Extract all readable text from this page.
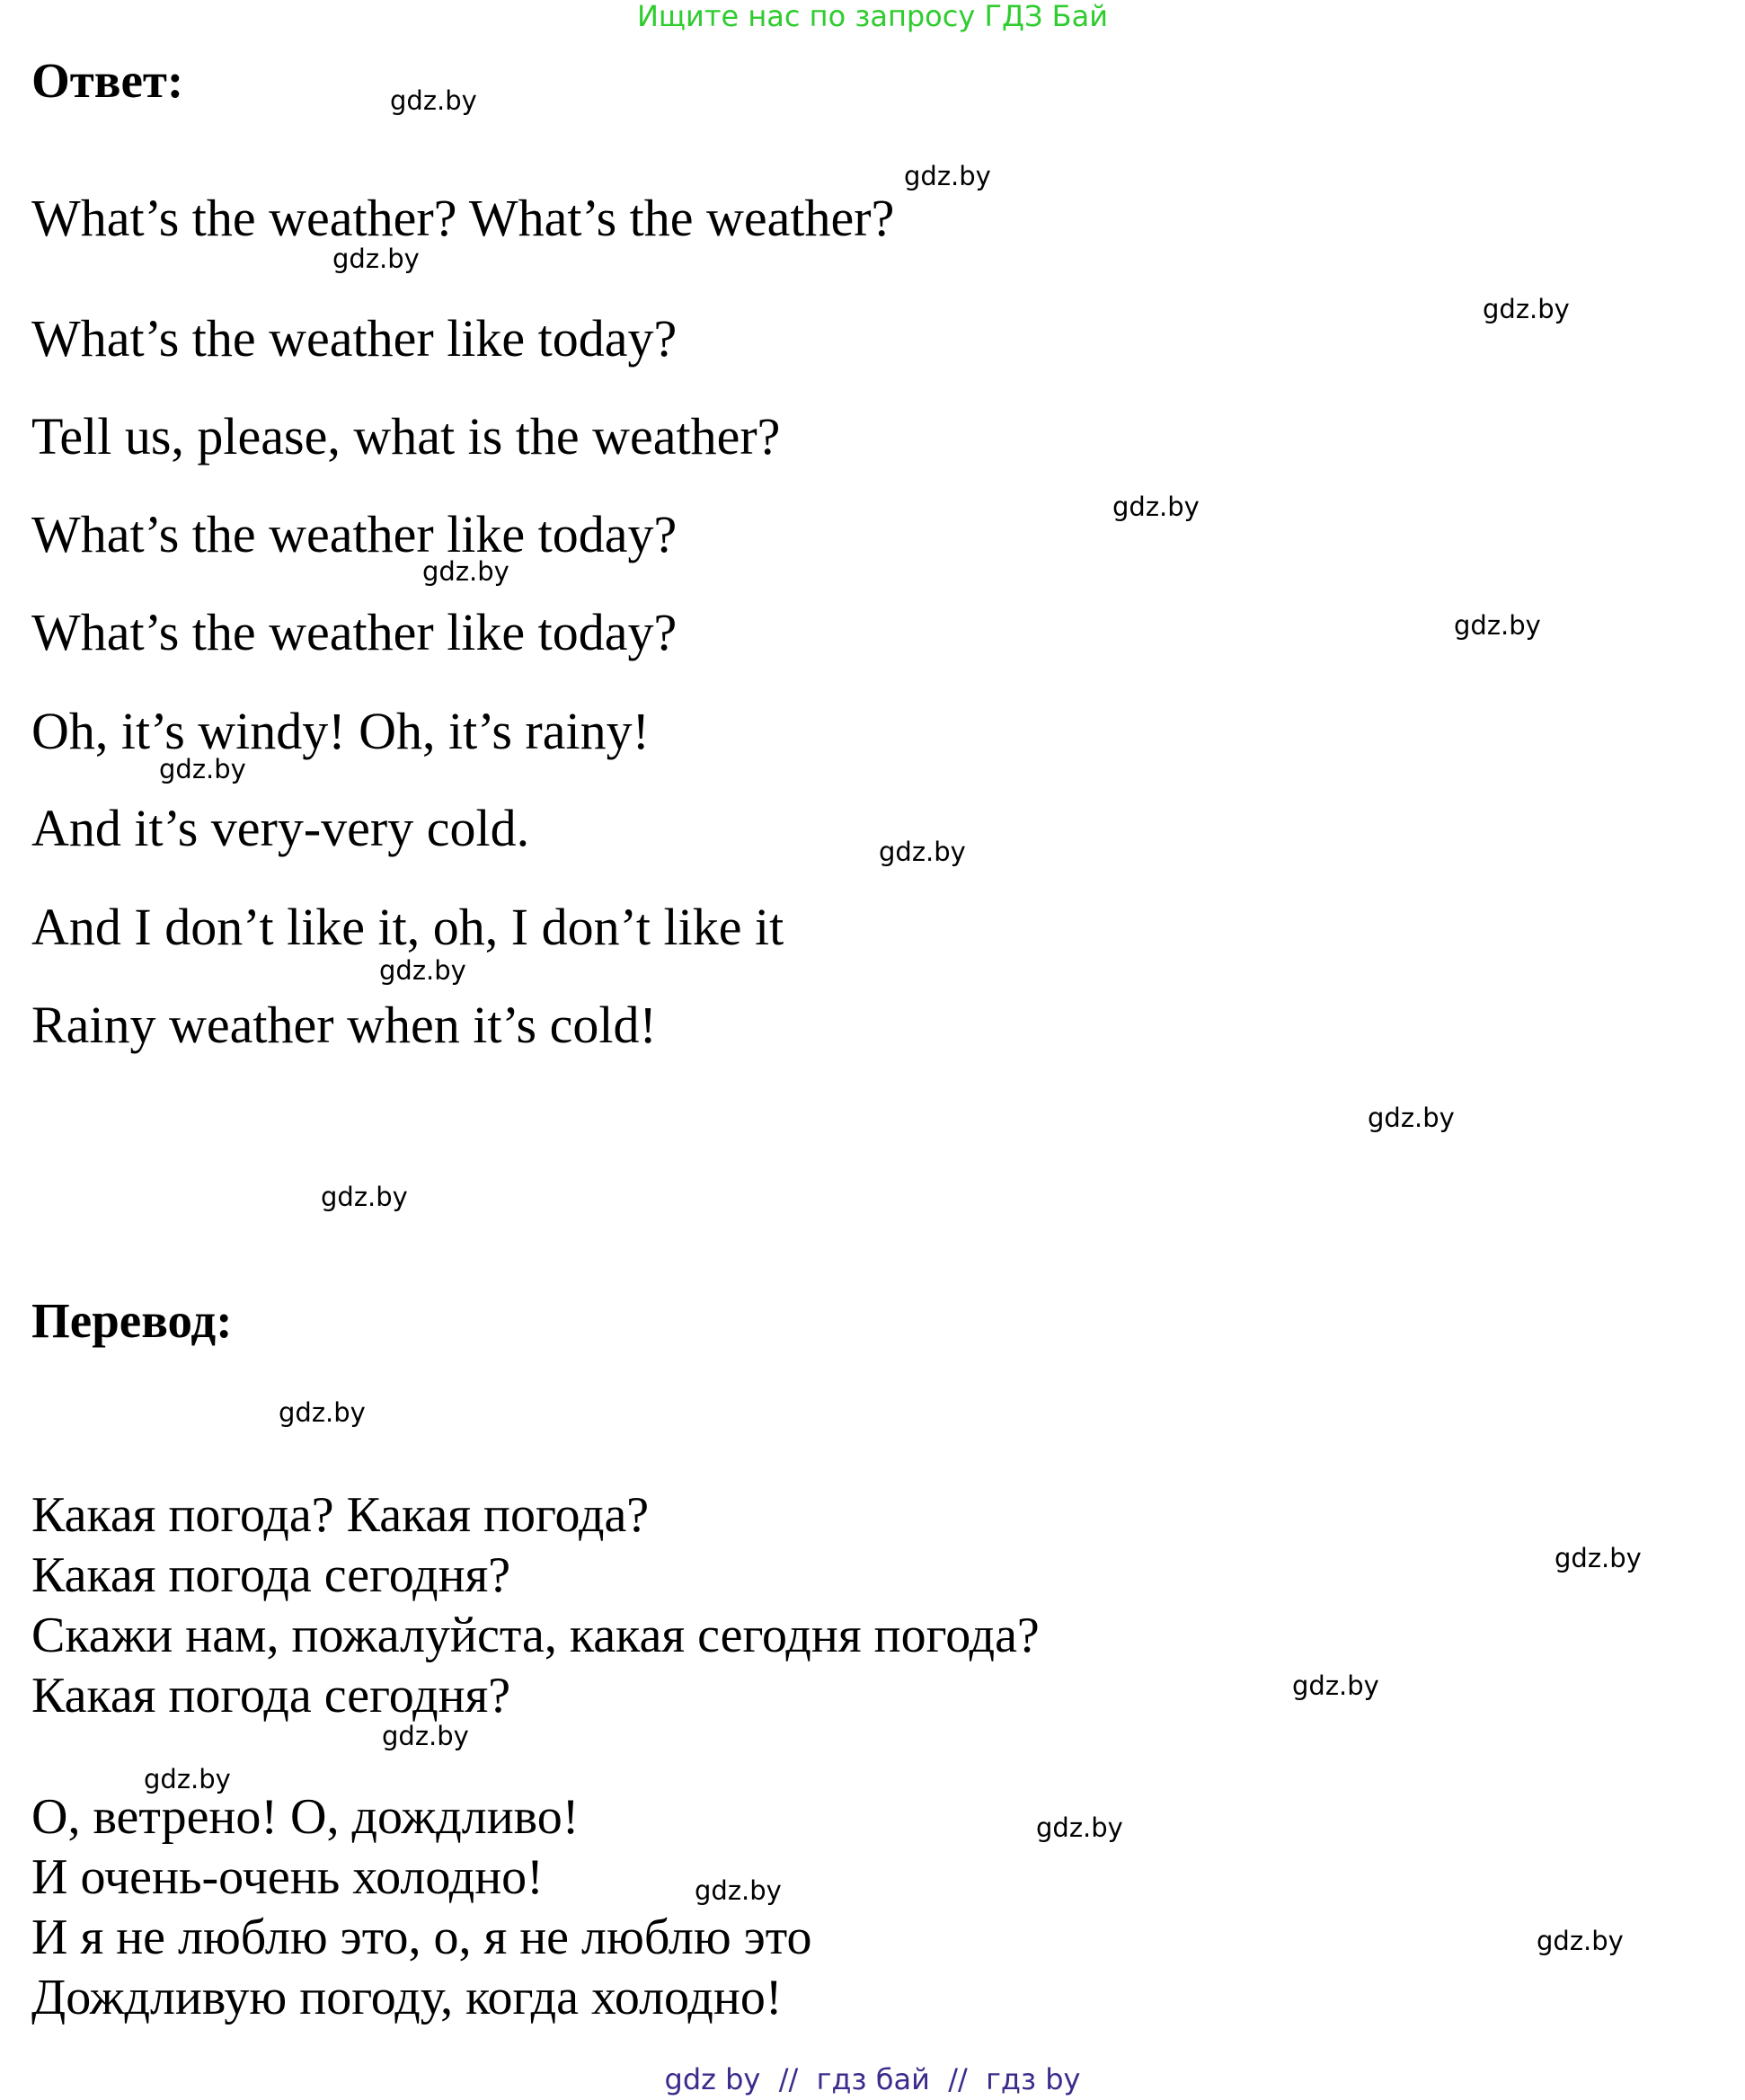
Ищите нас по запросу ГДЗ Бай
Ответ:
What’s the weather? What’s the weather?
What’s the weather like today?
Tell us, please, what is the weather?
What’s the weather like today?
What’s the weather like today?
Oh, it’s windy! Oh, it’s rainy!
And it’s very-very cold.
And I don’t like it, oh, I don’t like it
Rainy weather when it’s cold!
Перевод:
Какая погода? Какая погода?
Какая погода сегодня?
Скажи нам, пожалуйста, какая сегодня погода?
Какая погода сегодня?
О, ветрено! О, дождливо!
И очень-очень холодно!
И я не люблю это, о, я не люблю это
Дождливую погоду, когда холодно!
gdz.by
gdz.by
gdz.by
gdz.by
gdz.by
gdz.by
gdz.by
gdz.by
gdz.by
gdz.by
gdz.by
gdz.by
gdz.by
gdz.by
gdz.by
gdz.by
gdz.by
gdz.by
gdz.by
gdz.by
gdz by  //  гдз бай  //  гдз by
